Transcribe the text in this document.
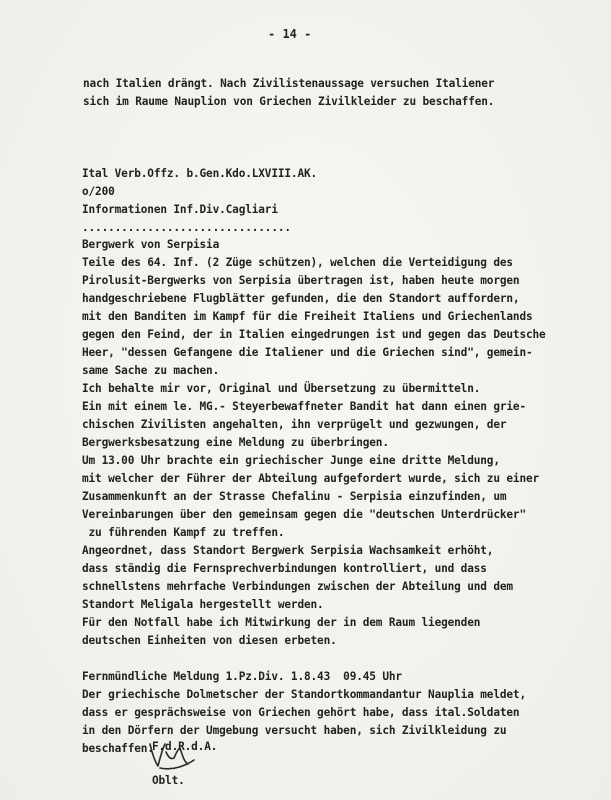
- 14 -
nach Italien drängt. Nach Zivilistenaussage versuchen Italiener
sich im Raume Nauplion von Griechen Zivilkleider zu beschaffen.
Ital Verb.Offz. b.Gen.Kdo.LXVIII.AK.
o/200
Informationen Inf.Div.Cagliari
................................
Bergwerk von Serpisia
Teile des 64. Inf. (2 Züge schützen), welchen die Verteidigung des
Pirolusit-Bergwerks von Serpisia übertragen ist, haben heute morgen
handgeschriebene Flugblätter gefunden, die den Standort auffordern,
mit den Banditen im Kampf für die Freiheit Italiens und Griechenlands
gegen den Feind, der in Italien eingedrungen ist und gegen das Deutsche
Heer, "dessen Gefangene die Italiener und die Griechen sind", gemein-
same Sache zu machen.
Ich behalte mir vor, Original und Übersetzung zu übermitteln.
Ein mit einem le. MG.- Steyerbewaffneter Bandit hat dann einen grie-
chischen Zivilisten angehalten, ihn verprügelt und gezwungen, der
Bergwerksbesatzung eine Meldung zu überbringen.
Um 13.00 Uhr brachte ein griechischer Junge eine dritte Meldung,
mit welcher der Führer der Abteilung aufgefordert wurde, sich zu einer
Zusammenkunft an der Strasse Chefalinu - Serpisia einzufinden, um
Vereinbarungen über den gemeinsam gegen die "deutschen Unterdrücker"
zu führenden Kampf zu treffen.
Angeordnet, dass Standort Bergwerk Serpisia Wachsamkeit erhöht,
dass ständig die Fernsprechverbindungen kontrolliert, und dass
schnellstens mehrfache Verbindungen zwischen der Abteilung und dem
Standort Meligala hergestellt werden.
Für den Notfall habe ich Mitwirkung der in dem Raum liegenden
deutschen Einheiten von diesen erbeten.
Fernmündliche Meldung 1.Pz.Div. 1.8.43  09.45 Uhr
Der griechische Dolmetscher der Standortkommandantur Nauplia meldet,
dass er gesprächsweise von Griechen gehört habe, dass ital.Soldaten
in den Dörfern der Umgebung versucht haben, sich Zivilkleidung zu
beschaffen.
F.d.R.d.A.
Oblt.
